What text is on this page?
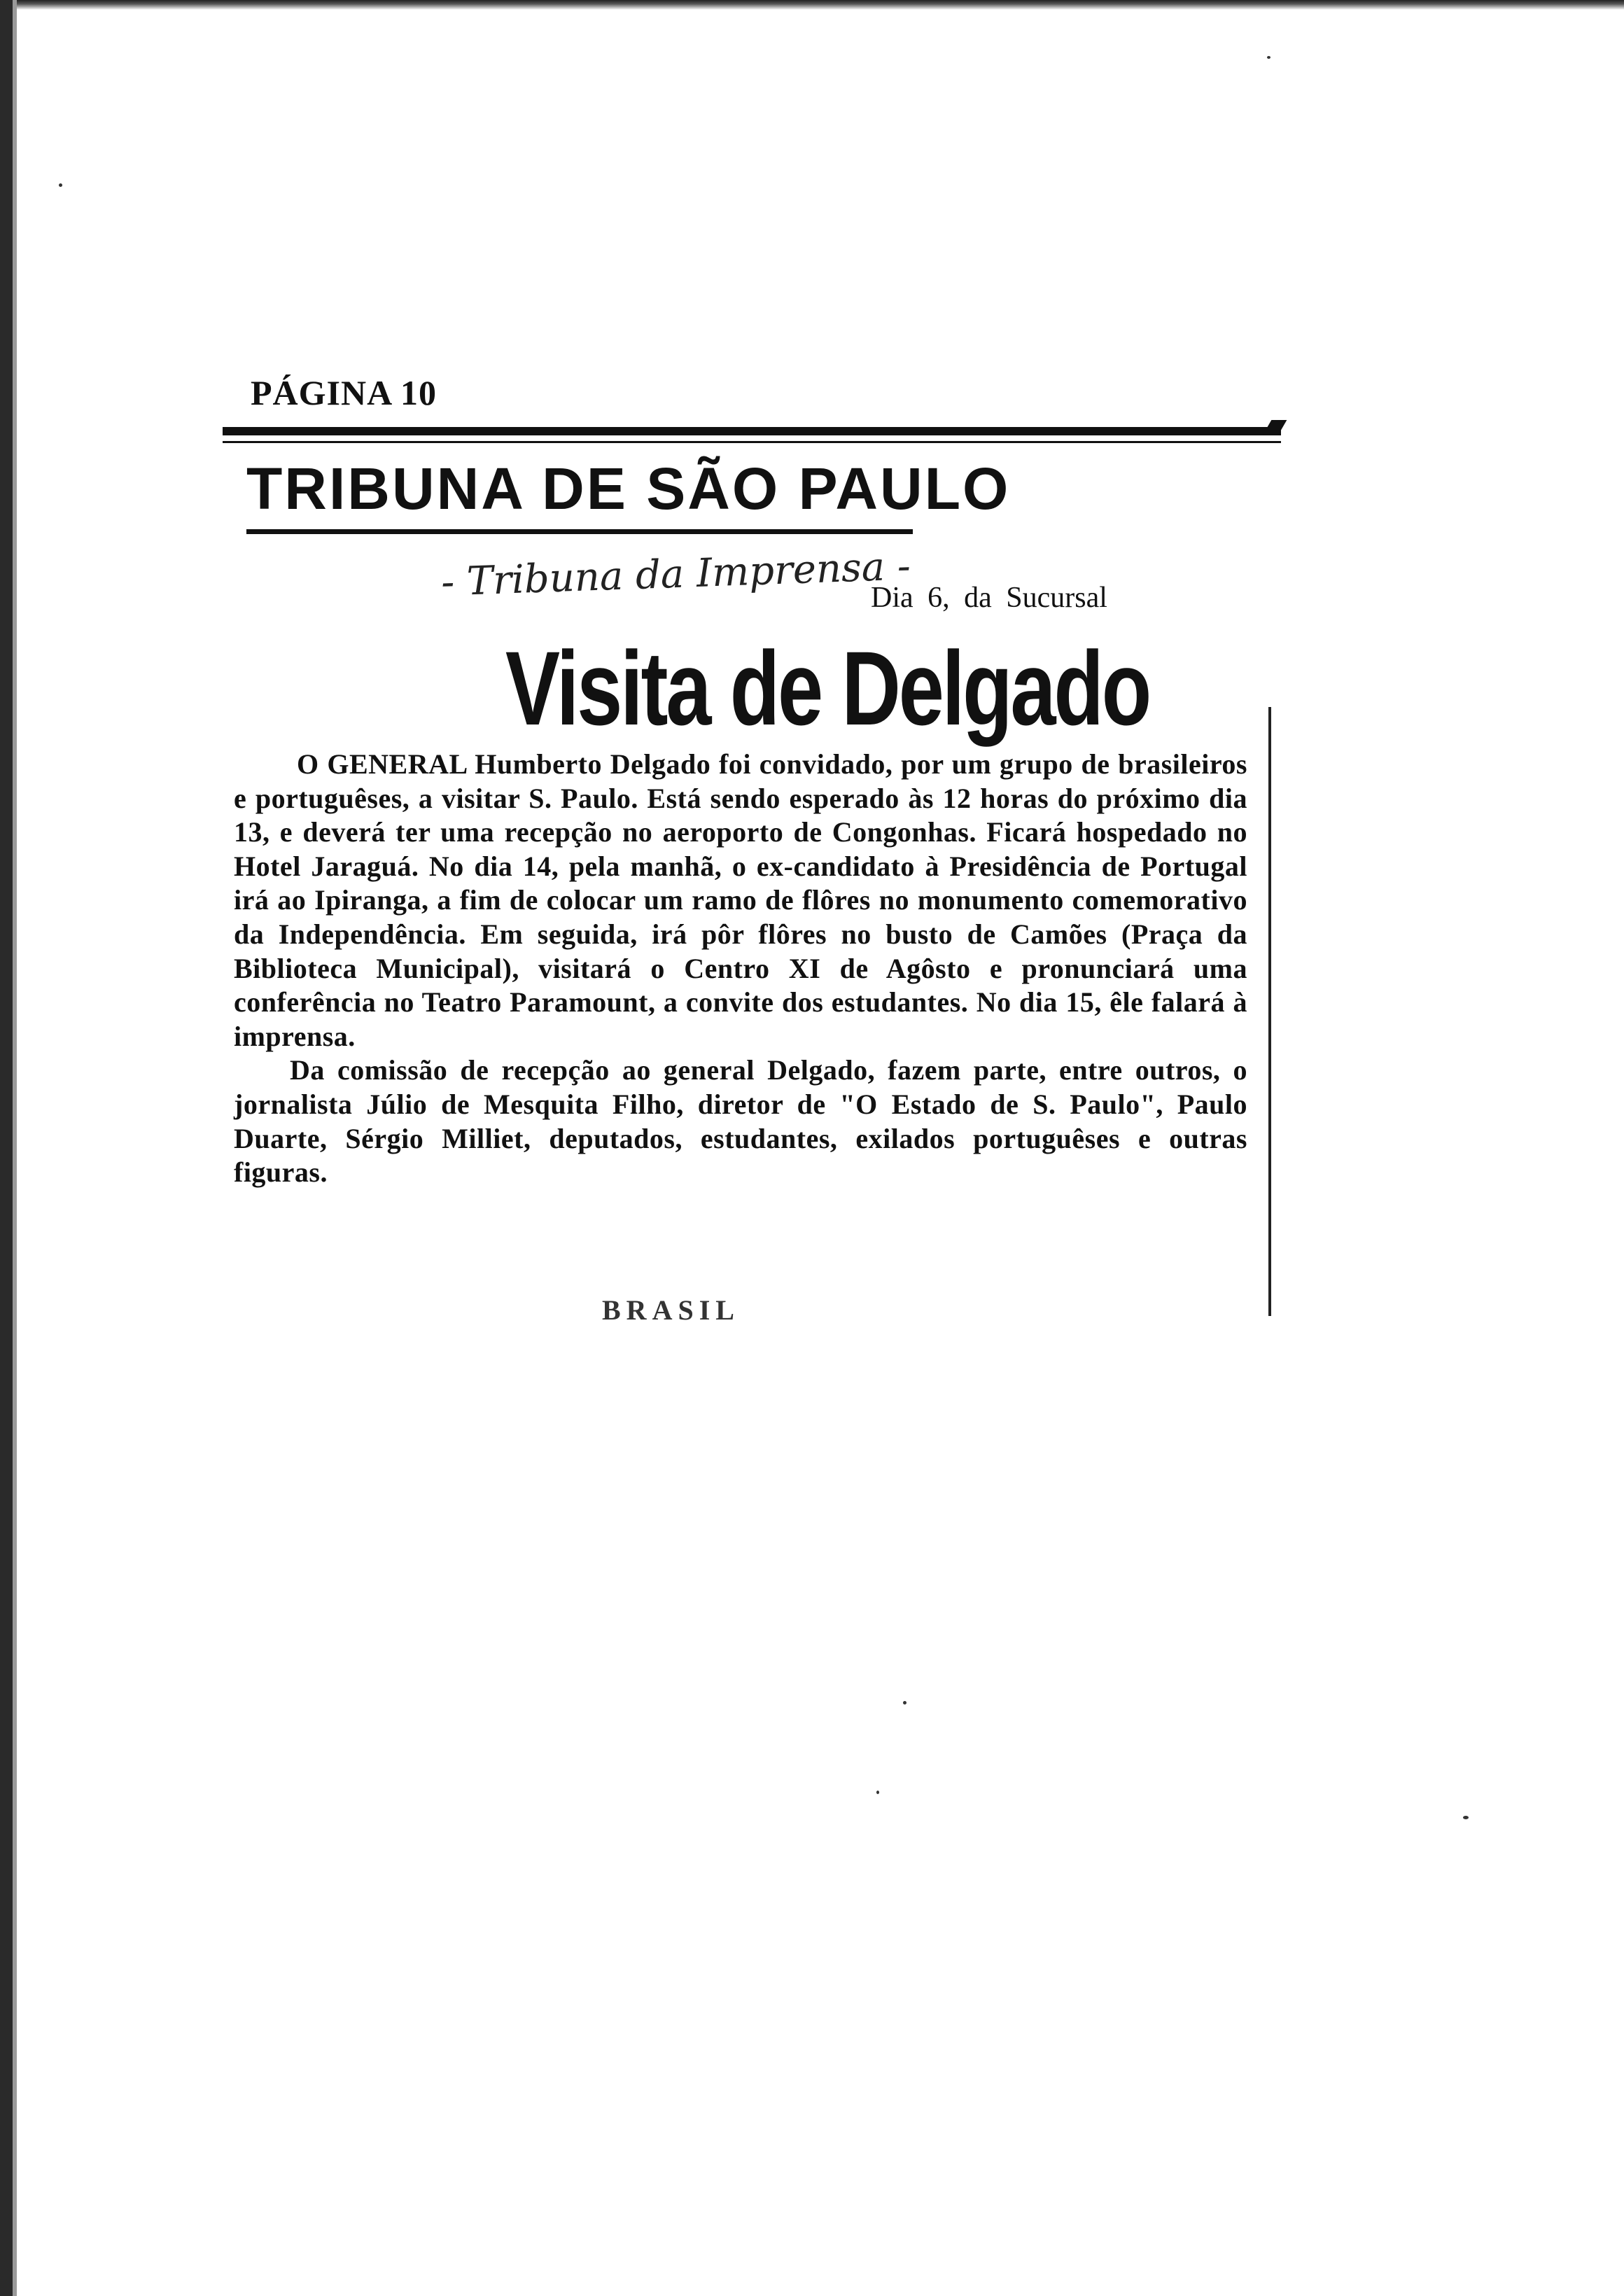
PÁGINA 10
TRIBUNA DE SÃO PAULO
- Tribuna da Imprensa -
Dia 6, da Sucursal
Visita de Delgado

O GENERAL Humberto Delgado foi convidado, por um grupo de brasileiros e portuguêses, a visitar S. Paulo. Está sendo esperado às 12 horas do próximo dia 13, e deverá ter uma recepção no aeroporto de Congonhas. Ficará hospedado no Hotel Jaraguá. No dia 14, pela manhã, o ex-candidato à Presidência de Portugal irá ao Ipiranga, a fim de colocar um ramo de flôres no monumento comemorativo da Independência. Em seguida, irá pôr flôres no busto de Camões (Praça da Biblioteca Municipal), visitará o Centro XI de Agôsto e pronunciará uma conferência no Teatro Paramount, a convite dos estudantes. No dia 15, êle falará à imprensa.

Da comissão de recepção ao general Delgado, fazem parte, entre outros, o jornalista Júlio de Mesquita Filho, diretor de "O Estado de S. Paulo", Paulo Duarte, Sérgio Milliet, deputados, estudantes, exilados portuguêses e outras figuras.

BRASIL
